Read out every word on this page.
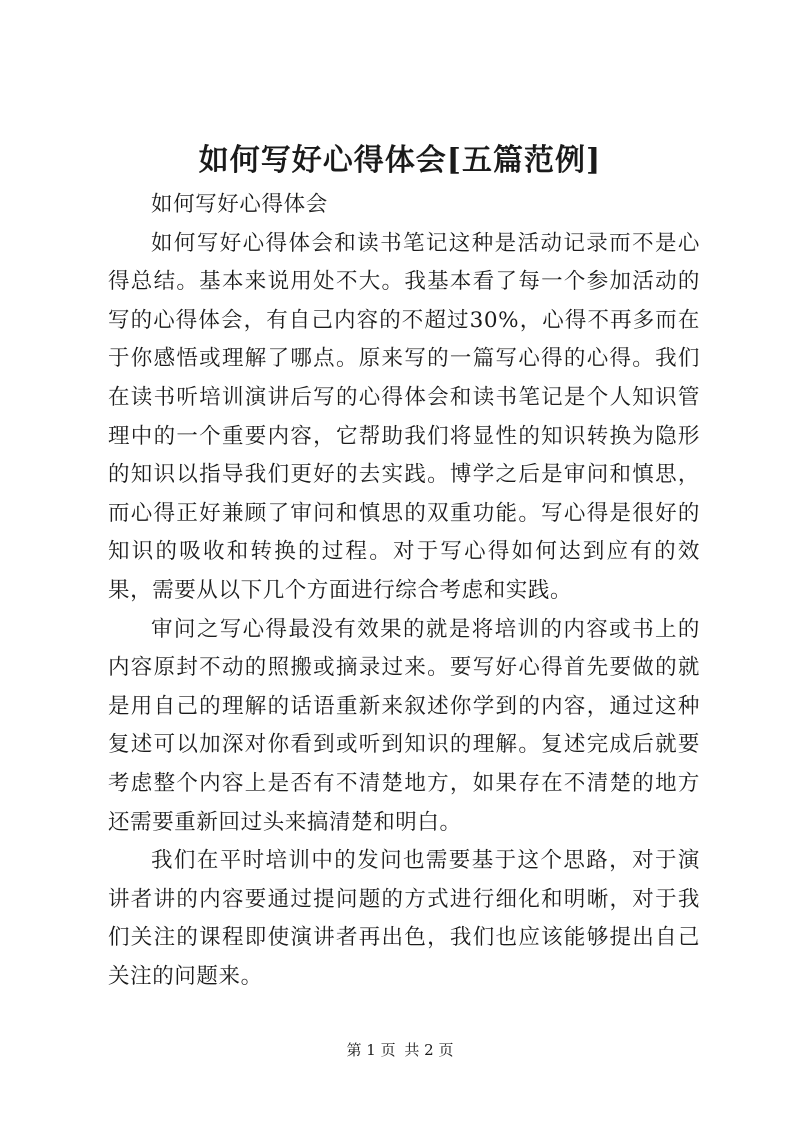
如何写好心得体会[五篇范例]

如何写好心得体会

如何写好心得体会和读书笔记这种是活动记录而不是心得总结。基本来说用处不大。我基本看了每一个参加活动的写的心得体会，有自己内容的不超过30%，心得不再多而在于你感悟或理解了哪点。原来写的一篇写心得的心得。我们在读书听培训演讲后写的心得体会和读书笔记是个人知识管理中的一个重要内容，它帮助我们将显性的知识转换为隐形的知识以指导我们更好的去实践。博学之后是审问和慎思，而心得正好兼顾了审问和慎思的双重功能。写心得是很好的知识的吸收和转换的过程。对于写心得如何达到应有的效果，需要从以下几个方面进行综合考虑和实践。

审问之写心得最没有效果的就是将培训的内容或书上的内容原封不动的照搬或摘录过来。要写好心得首先要做的就是用自己的理解的话语重新来叙述你学到的内容，通过这种复述可以加深对你看到或听到知识的理解。复述完成后就要考虑整个内容上是否有不清楚地方，如果存在不清楚的地方还需要重新回过头来搞清楚和明白。

我们在平时培训中的发问也需要基于这个思路，对于演讲者讲的内容要通过提问题的方式进行细化和明晰，对于我们关注的课程即使演讲者再出色，我们也应该能够提出自己关注的问题来。

第 1 页 共 2 页
